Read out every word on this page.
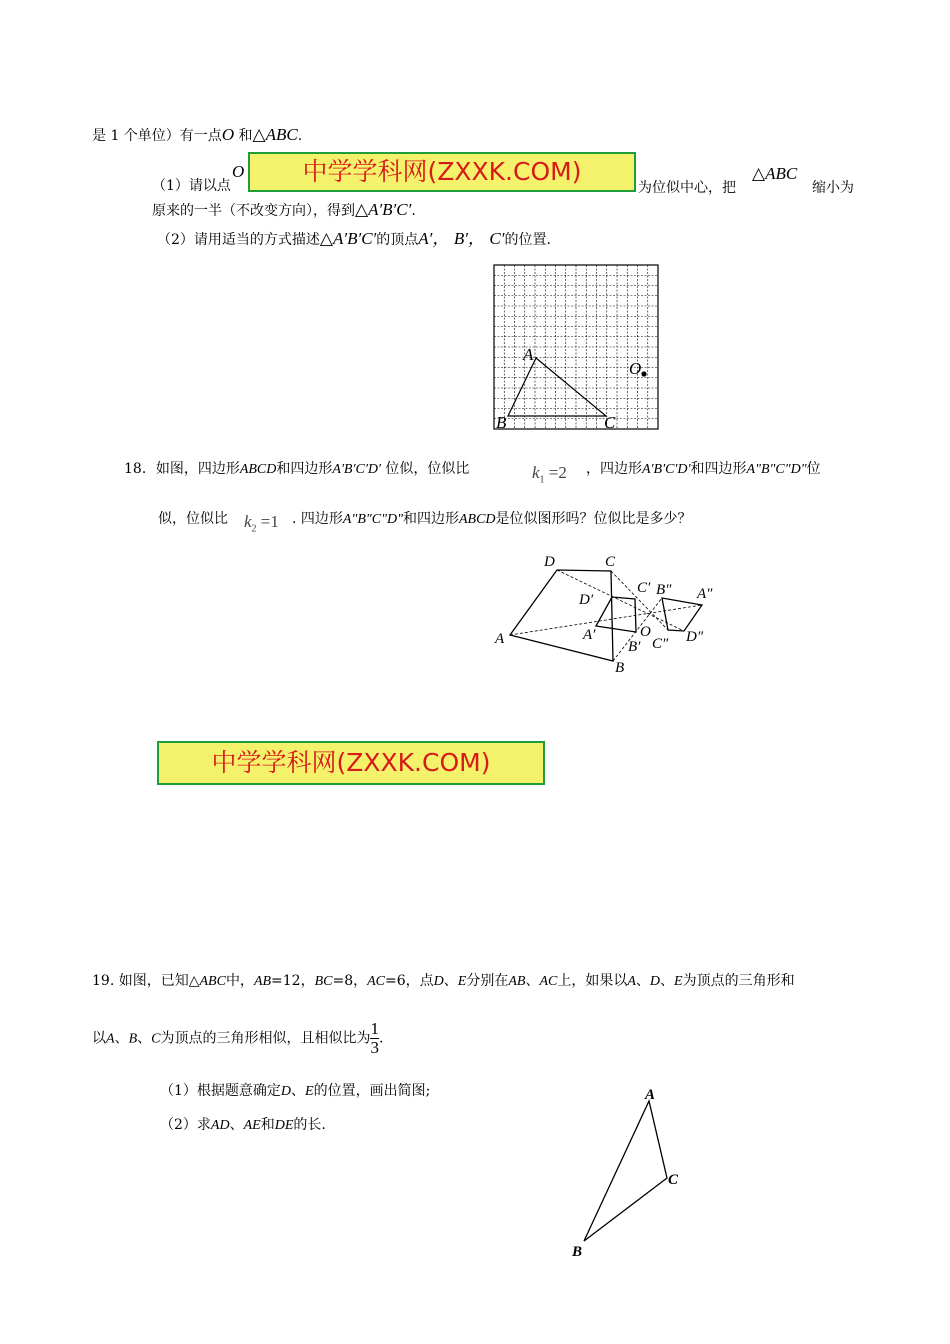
是 1 个单位）有一点O 和△ABC.
（1）请以点
O	中学学科网(ZXXK.COM)
为位似中心，把
△ABC
缩小为
原来的一半（不改变方向），得到△A′B′C′.
（2）请用适当的方式描述△A′B′C′的顶点A′， B′， C′的位置.
A
B	C
O
18．如图，四边形ABCD和四边形A'B'C'D' 位似，位似比	$k_1 =2$ ，四边形A'B'C'D'和四边形A"B"C"D"位
似，位似比 $k_2 =1$ . 四边形A"B"C"D"和四边形ABCD是位似图形吗？位似比是多少？
D	C
A
B
C′
D′
A′
B′
O
B″ A″
C″ D″
中学学科网(ZXXK.COM)
19. 如图，已知△ABC中，AB=12，BC=8，AC=6，点D、E分别在AB、AC上，如果以A、D、E为顶点的三角形和
以A、B、C为顶点的三角形相似，且相似比为 $\frac{1}{3}$ .
（1）根据题意确定D、E的位置，画出简图;
（2）求AD、AE和DE的长.
A
B
C
